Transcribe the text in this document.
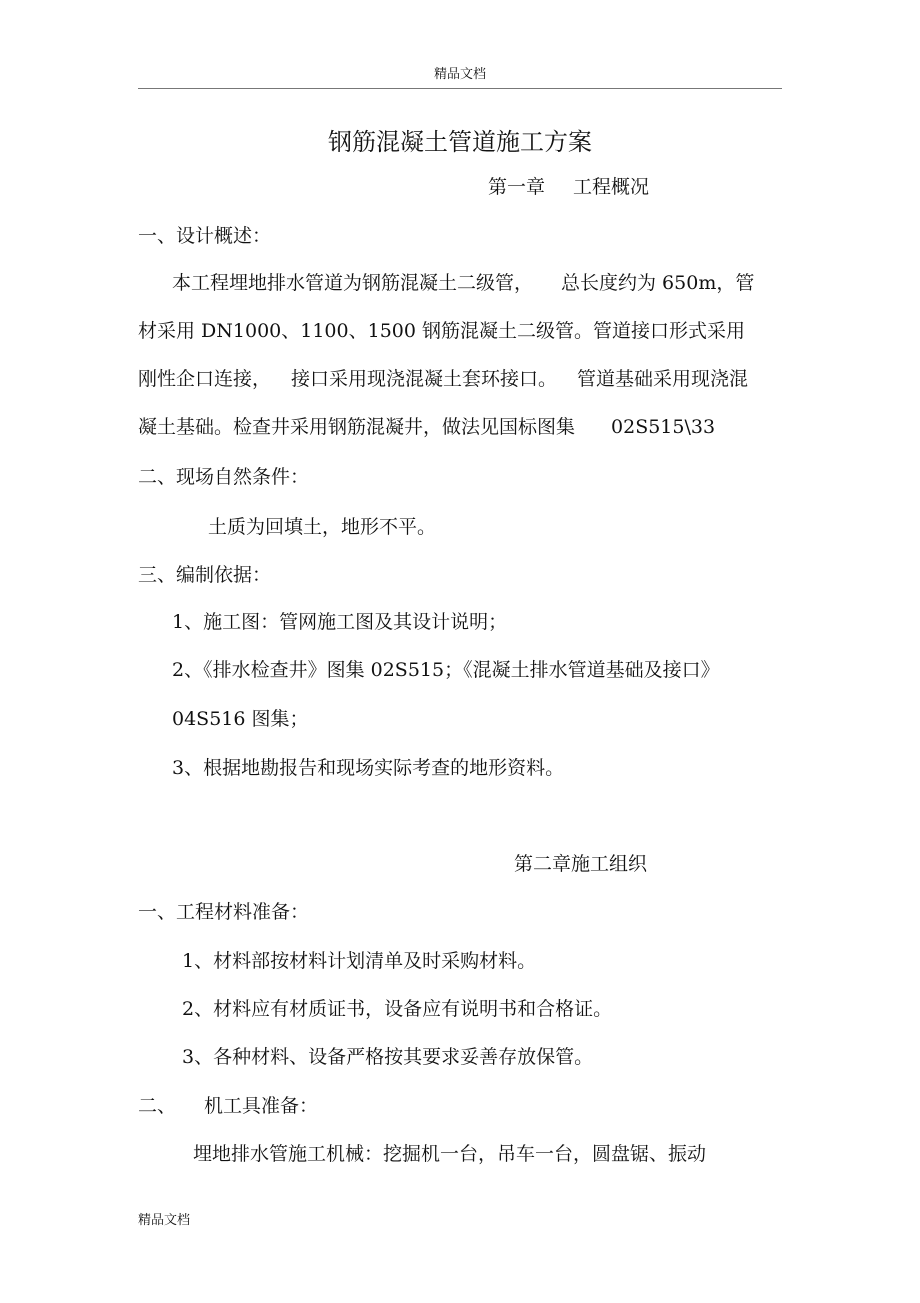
精品文档
钢筋混凝土管道施工方案
第一章 工程概况
一、设计概述：
本工程埋地排水管道为钢筋混凝土二级管， 总长度约为 650m，管
材采用 DN1000、1100、1500 钢筋混凝土二级管。管道接口形式采用
刚性企口连接， 接口采用现浇混凝土套环接口。 管道基础采用现浇混
凝土基础。检查井采用钢筋混凝井，做法见国标图集 02S515\33
二、现场自然条件：
土质为回填土，地形不平。
三、编制依据：
1、施工图：管网施工图及其设计说明；
2、《排水检查井》图集 02S515；《混凝土排水管道基础及接口》
04S516 图集；
3、根据地勘报告和现场实际考查的地形资料。
第二章施工组织
一、工程材料准备：
1、材料部按材料计划清单及时采购材料。
2、材料应有材质证书，设备应有说明书和合格证。
3、各种材料、设备严格按其要求妥善存放保管。
二、 机工具准备：
埋地排水管施工机械：挖掘机一台，吊车一台，圆盘锯、振动
精品文档
